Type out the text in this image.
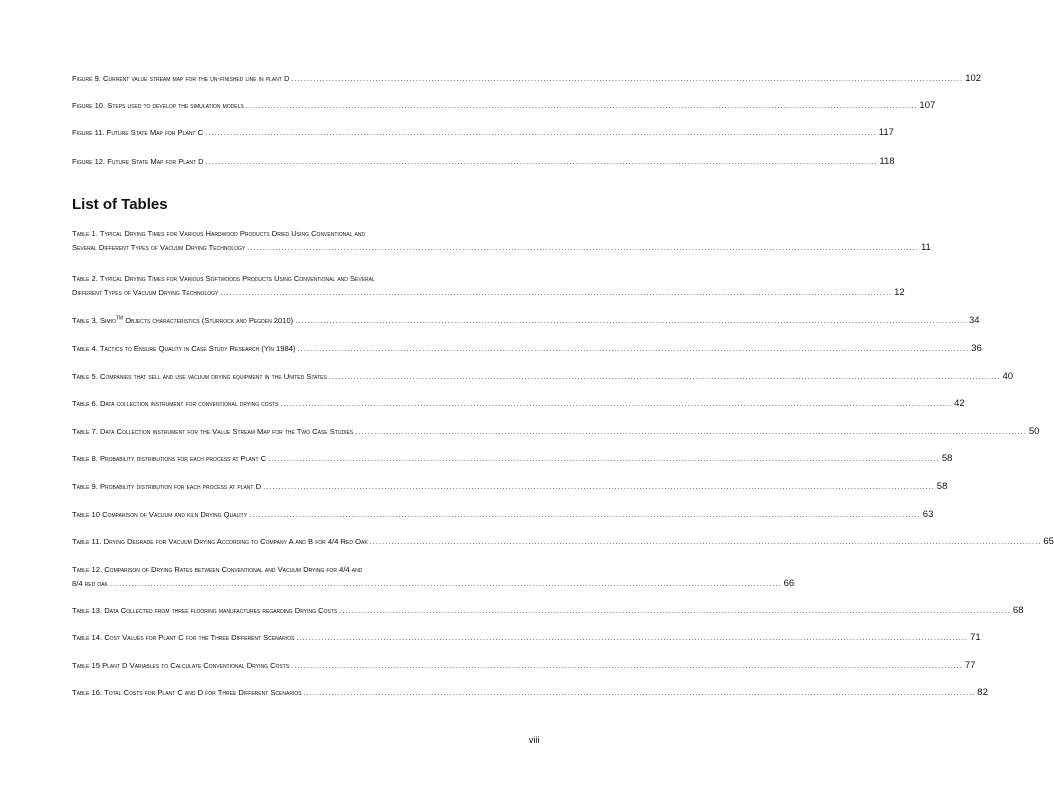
Figure 9. Current value stream map for the un-finished line in plant D .....	102
Figure 10. Steps used to develop the simulation models .....	107
Figure 11. Future State Map for Plant C .....	117
Figure 12. Future State Map for Plant D .....	118
List of Tables
Table 1. Typical Drying Times for Various Hardwood Products Dried Using Conventional and
Several Different Types of Vacuum Drying Technology .....	11
Table 2. Typical Drying Times for Various Softwoods Products Using Conventional and Several
Different Types of Vacuum Drying Technology .....	12
Table 3. Simio™ Objects characteristics (Sturrock and Pegden 2010) .....	34
Table 4. Tactics to Ensure Quality in Case Study Research (Yin 1984) .....	36
Table 5. Companies that sell and use vacuum drying equipment in the United States .....	40
Table 6. Data collection instrument for conventional drying costs .....	42
Table 7. Data Collection instrument for the Value Stream Map for the Two Case Studies .....	50
Table 8. Probability distributions for each process at Plant C .....	58
Table 9. Probability distribution for each process at plant D .....	58
Table 10 Comparison of Vacuum and kiln Drying Quality .....	63
Table 11. Drying Degrade for Vacuum Drying According to Company A and B for 4/4 Red Oak .....	65
Table 12. Comparison of Drying Rates between Conventional and Vacuum Drying for 4/4 and
8/4 red oak .....	66
Table 13. Data Collected from three flooring manufactures regarding Drying Costs .....	68
Table 14. Cost Values for Plant C for the Three Different Scenarios .....	71
Table 15 Plant D Variables to Calculate Conventional Drying Costs .....	77
Table 16. Total Costs for Plant C and D for Three Different Scenarios .....	82
viii
